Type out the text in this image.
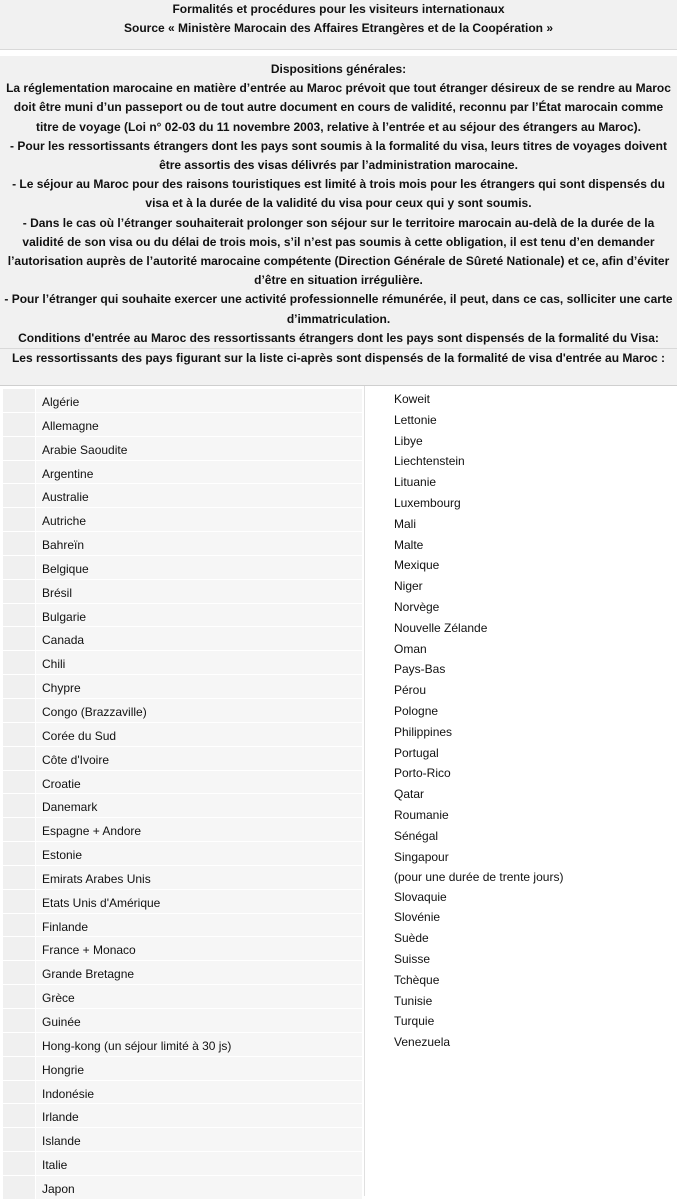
Formalités et procédures pour les visiteurs internationaux
Source « Ministère Marocain des Affaires Etrangères et de la Coopération »
Dispositions générales:
La réglementation marocaine en matière d’entrée au Maroc prévoit que tout étranger désireux de se rendre au Maroc doit être muni d’un passeport ou de tout autre document en cours de validité, reconnu par l’État marocain comme titre de voyage (Loi n° 02-03 du 11 novembre 2003, relative à l’entrée et au séjour des étrangers au Maroc).
- Pour les ressortissants étrangers dont les pays sont soumis à la formalité du visa, leurs titres de voyages doivent être assortis des visas délivrés par l’administration marocaine.
- Le séjour au Maroc pour des raisons touristiques est limité à trois mois pour les étrangers qui sont dispensés du visa et à la durée de la validité du visa pour ceux qui y sont soumis.
- Dans le cas où l’étranger souhaiterait prolonger son séjour sur le territoire marocain au-delà de la durée de la validité de son visa ou du délai de trois mois, s’il n’est pas soumis à cette obligation, il est tenu d’en demander l’autorisation auprès de l’autorité marocaine compétente (Direction Générale de Sûreté Nationale) et ce, afin d’éviter d’être en situation irrégulière.
- Pour l’étranger qui souhaite exercer une activité professionnelle rémunérée, il peut, dans ce cas, solliciter une carte d’immatriculation.
Conditions d'entrée au Maroc des ressortissants étrangers dont les pays sont dispensés de la formalité du Visa:
Les ressortissants des pays figurant sur la liste ci-après sont dispensés de la formalité de visa d'entrée au Maroc :
Algérie
Allemagne
Arabie Saoudite
Argentine
Australie
Autriche
Bahreïn
Belgique
Brésil
Bulgarie
Canada
Chili
Chypre
Congo (Brazzaville)
Corée du Sud
Côte d'Ivoire
Croatie
Danemark
Espagne + Andore
Estonie
Emirats Arabes Unis
Etats Unis d'Amérique
Finlande
France + Monaco
Grande Bretagne
Grèce
Guinée
Hong-kong (un séjour limité à 30 js)
Hongrie
Indonésie
Irlande
Islande
Italie
Japon
Koweit
Lettonie
Libye
Liechtenstein
Lituanie
Luxembourg
Mali
Malte
Mexique
Niger
Norvège
Nouvelle Zélande
Oman
Pays-Bas
Pérou
Pologne
Philippines
Portugal
Porto-Rico
Qatar
Roumanie
Sénégal
Singapour
(pour une durée de trente jours)
Slovaquie
Slovénie
Suède
Suisse
Tchèque
Tunisie
Turquie
Venezuela
